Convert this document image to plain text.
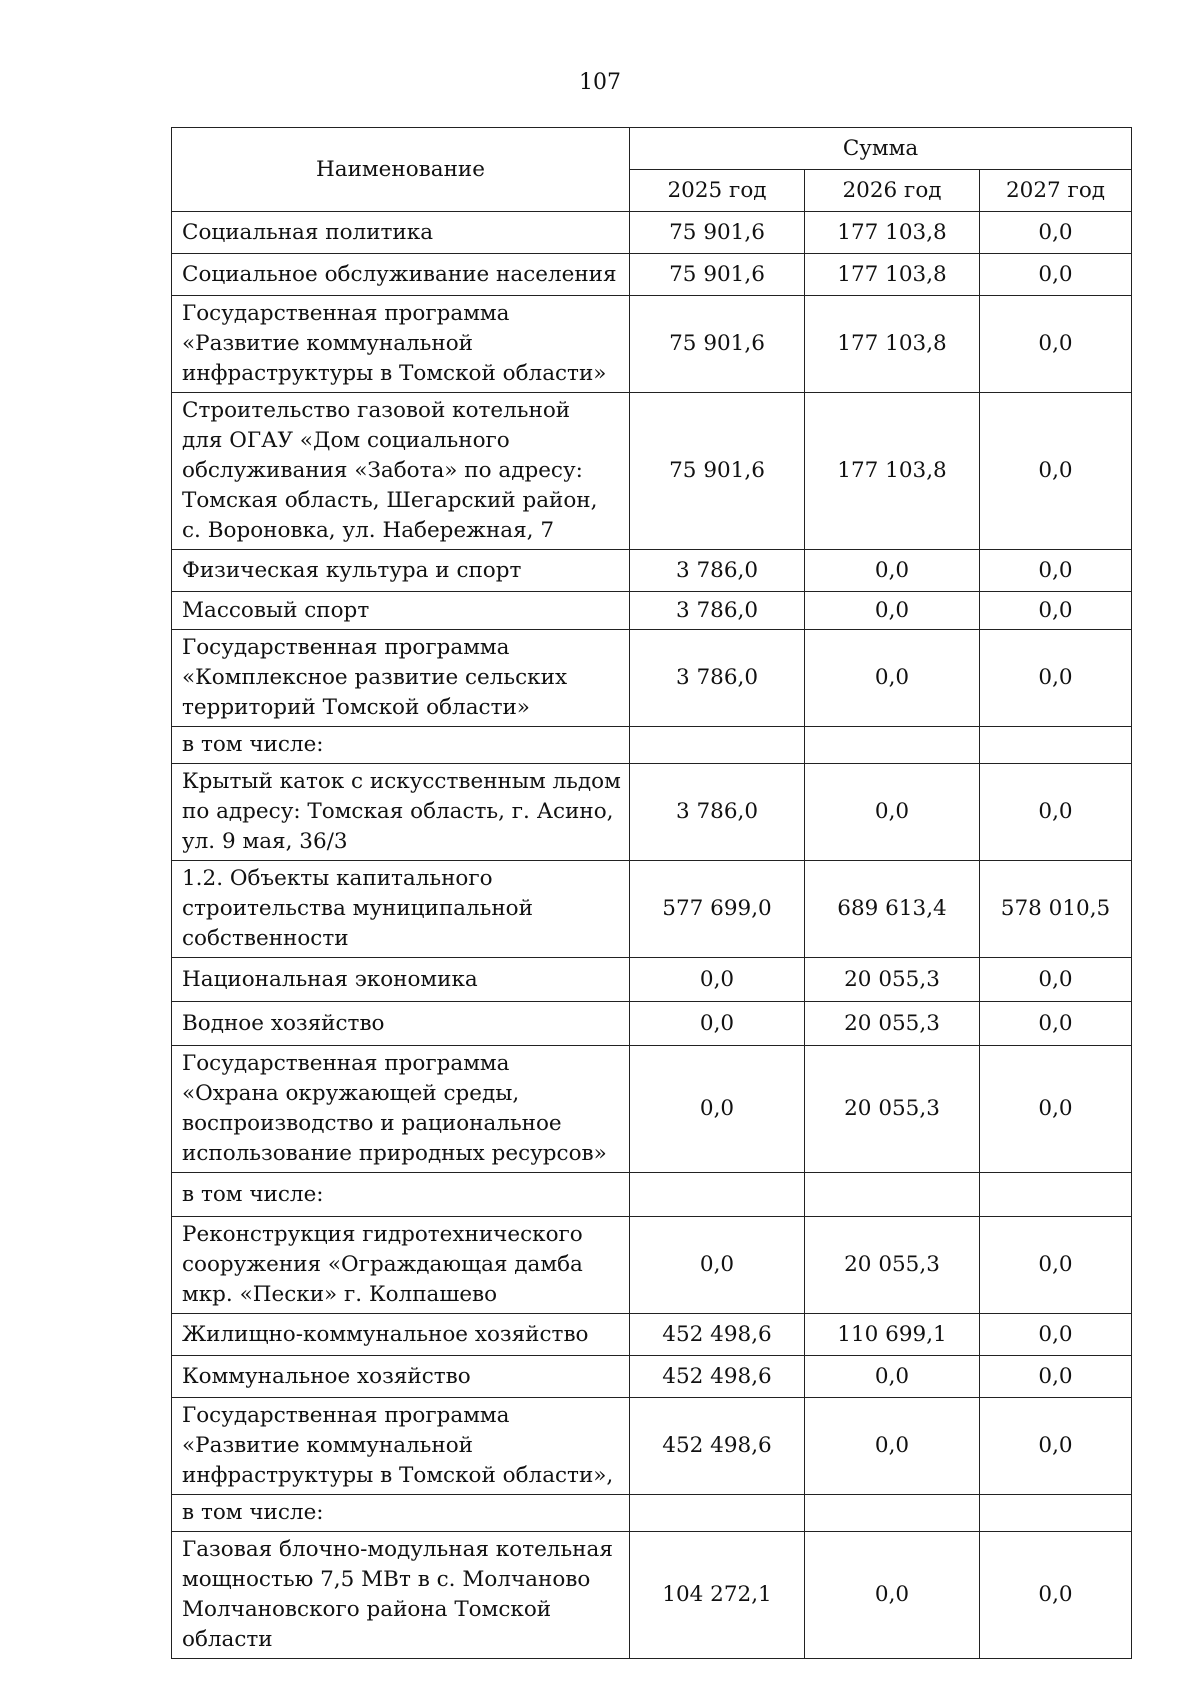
107
Наименование	Сумма		
	2025 год	2026 год	2027 год
Социальная политика	75 901,6	177 103,8	0,0
Социальное обслуживание населения	75 901,6	177 103,8	0,0
Государственная программа
«Развитие коммунальной
инфраструктуры в Томской области»	75 901,6	177 103,8	0,0
Строительство газовой котельной
для ОГАУ «Дом социального
обслуживания «Забота» по адресу:
Томская область, Шегарский район,
с. Вороновка, ул. Набережная, 7	75 901,6	177 103,8	0,0
Физическая культура и спорт	3 786,0	0,0	0,0
Массовый спорт	3 786,0	0,0	0,0
Государственная программа
«Комплексное развитие сельских
территорий Томской области»	3 786,0	0,0	0,0
в том числе:			
Крытый каток с искусственным льдом
по адресу: Томская область, г. Асино,
ул. 9 мая, 36/3	3 786,0	0,0	0,0
1.2. Объекты капитального
строительства муниципальной
собственности	577 699,0	689 613,4	578 010,5
Национальная экономика	0,0	20 055,3	0,0
Водное хозяйство	0,0	20 055,3	0,0
Государственная программа
«Охрана окружающей среды,
воспроизводство и рациональное
использование природных ресурсов»	0,0	20 055,3	0,0
в том числе:			
Реконструкция гидротехнического
сооружения «Ограждающая дамба
мкр. «Пески» г. Колпашево	0,0	20 055,3	0,0
Жилищно-коммунальное хозяйство	452 498,6	110 699,1	0,0
Коммунальное хозяйство	452 498,6	0,0	0,0
Государственная программа
«Развитие коммунальной
инфраструктуры в Томской области»,	452 498,6	0,0	0,0
в том числе:			
Газовая блочно-модульная котельная
мощностью 7,5 МВт в с. Молчаново
Молчановского района Томской
области	104 272,1	0,0	0,0
